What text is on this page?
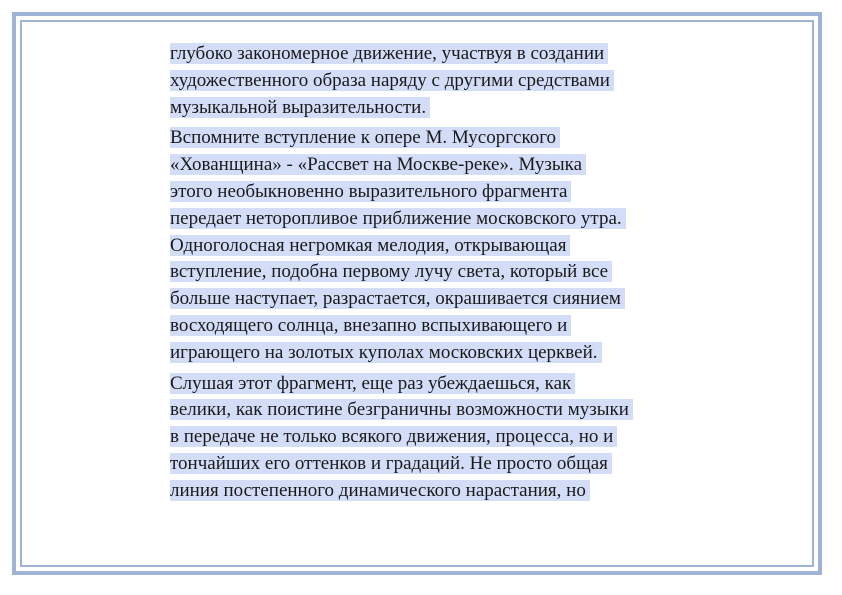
глубоко закономерное движение, участвуя в создании
художественного образа наряду с другими средствами
музыкальной выразительности.

Вспомните вступление к опере М. Мусоргского
«Хованщина» - «Рассвет на Москве-реке». Музыка
этого необыкновенно выразительного фрагмента
передает неторопливое приближение московского утра.
Одноголосная негромкая мелодия, открывающая
вступление, подобна первому лучу света, который все
больше наступает, разрастается, окрашивается сиянием
восходящего солнца, внезапно вспыхивающего и
играющего на золотых куполах московских церквей.

Слушая этот фрагмент, еще раз убеждаешься, как
велики, как поистине безграничны возможности музыки
в передаче не только всякого движения, процесса, но и
тончайших его оттенков и градаций. Не просто общая
линия постепенного динамического нарастания, но
